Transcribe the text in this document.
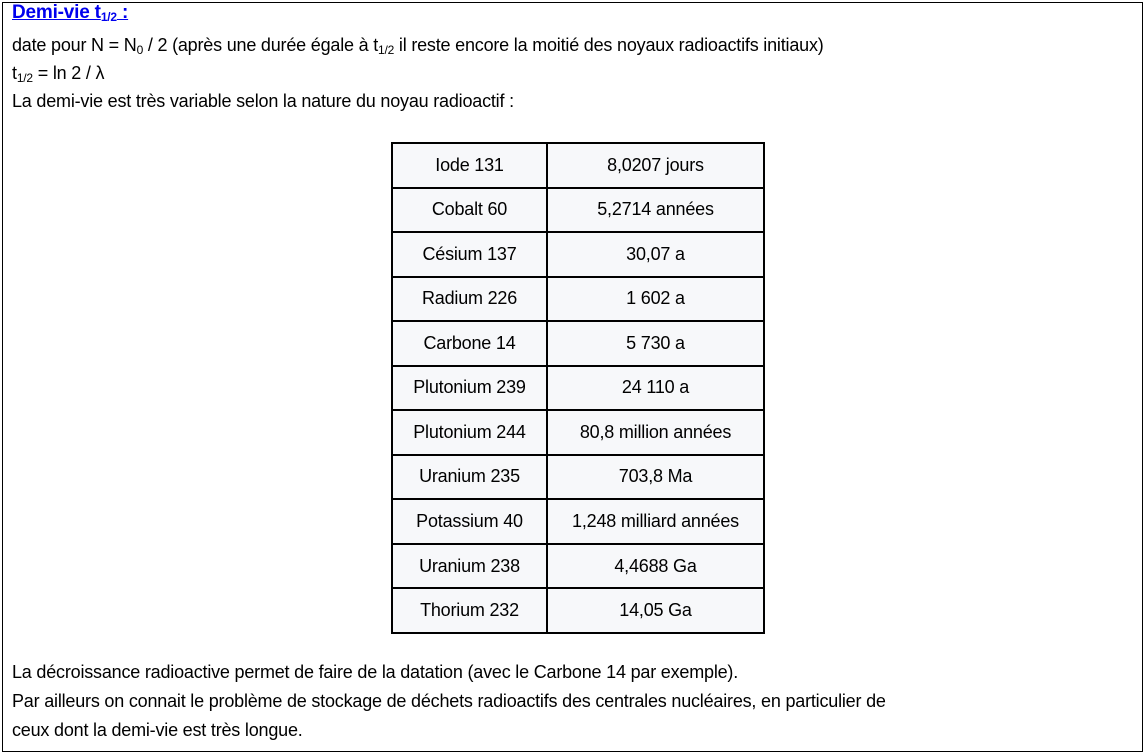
Demi-vie $t_{1/2}$ :
date pour $N = N_0 / 2$ (après une durée égale à $t_{1/2}$ il reste encore la moitié des noyaux radioactifs initiaux)
$t_{1/2} = \ln 2 / \lambda$
La demi-vie est très variable selon la nature du noyau radioactif :
Iode 131	8,0207 jours
Cobalt 60	5,2714 années
Césium 137	30,07 a
Radium 226	1 602 a
Carbone 14	5 730 a
Plutonium 239	24 110 a
Plutonium 244	80,8 million années
Uranium 235	703,8 Ma
Potassium 40	1,248 milliard années
Uranium 238	4,4688 Ga
Thorium 232	14,05 Ga
La décroissance radioactive permet de faire de la datation (avec le Carbone 14 par exemple).
Par ailleurs on connait le problème de stockage de déchets radioactifs des centrales nucléaires, en particulier de
ceux dont la demi-vie est très longue.
